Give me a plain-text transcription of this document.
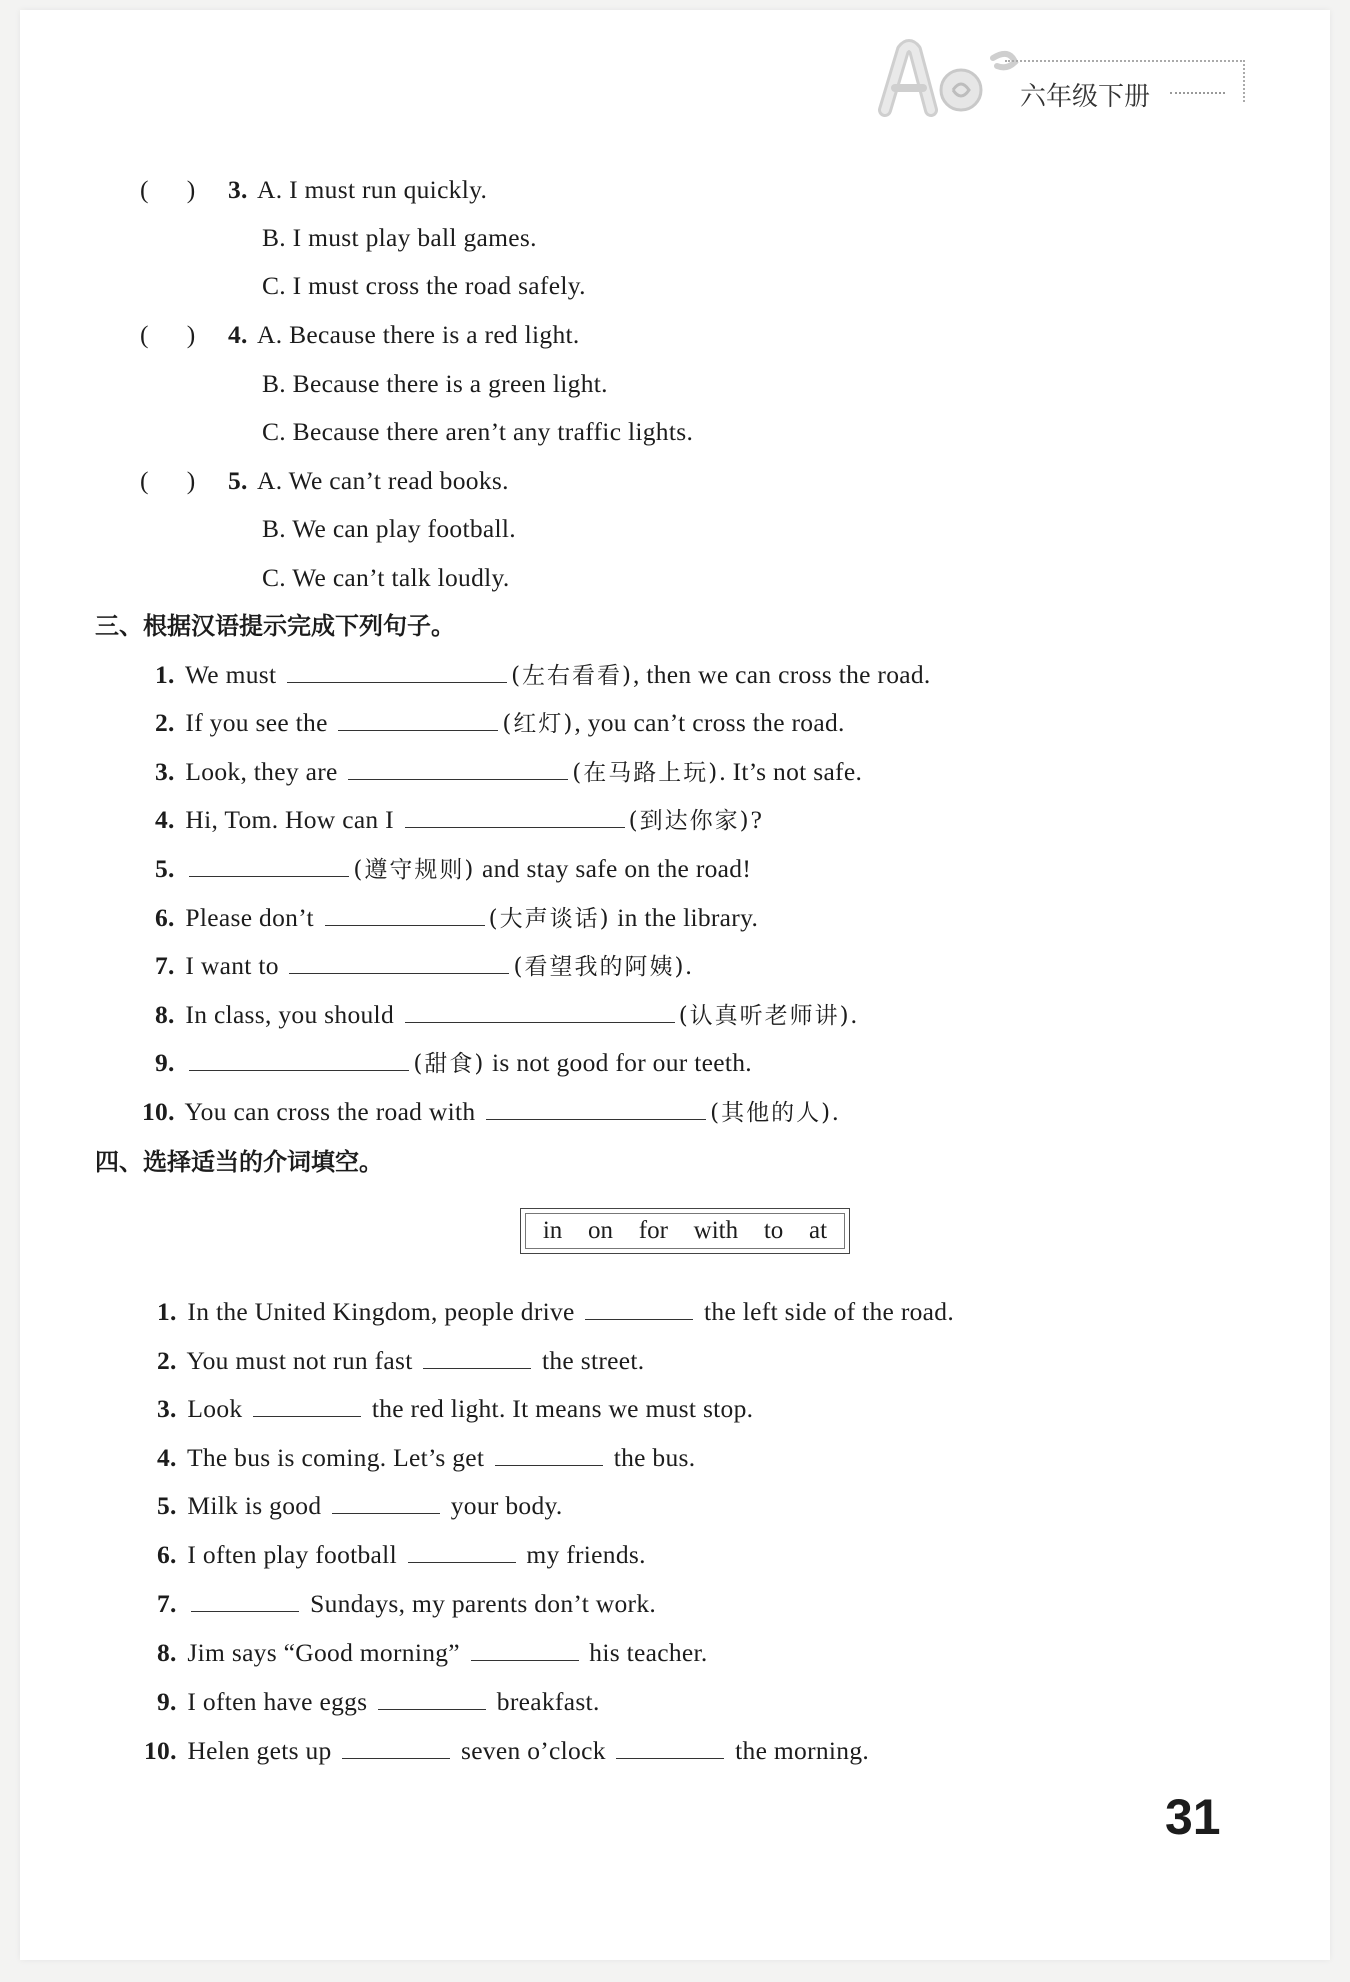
六年级下册
(      ) 3. A. I must run quickly.
B. I must play ball games.
C. I must cross the road safely.
(      ) 4. A. Because there is a red light.
B. Because there is a green light.
C. Because there aren’t any traffic lights.
(      ) 5. A. We can’t read books.
B. We can play football.
C. We can’t talk loudly.
三、根据汉语提示完成下列句子。
1. We must	(左右看看), then we can cross the road.
2. If you see the	(红灯), you can’t cross the road.
3. Look, they are	(在马路上玩). It’s not safe.
4. Hi, Tom. How can I	(到达你家)?
5.	(遵守规则) and stay safe on the road!
6. Please don’t	(大声谈话) in the library.
7. I want to	(看望我的阿姨).
8. In class, you should	(认真听老师讲).
9.	(甜食) is not good for our teeth.
10. You can cross the road with	(其他的人).
四、选择适当的介词填空。
in on for with to at
1. In the United Kingdom, people drive	the left side of the road.
2. You must not run fast	the street.
3. Look	the red light. It means we must stop.
4. The bus is coming. Let’s get	the bus.
5. Milk is good	your body.
6. I often play football	my friends.
7.	Sundays, my parents don’t work.
8. Jim says “Good morning”	his teacher.
9. I often have eggs	breakfast.
10. Helen gets up	seven o’clock	the morning.
31
